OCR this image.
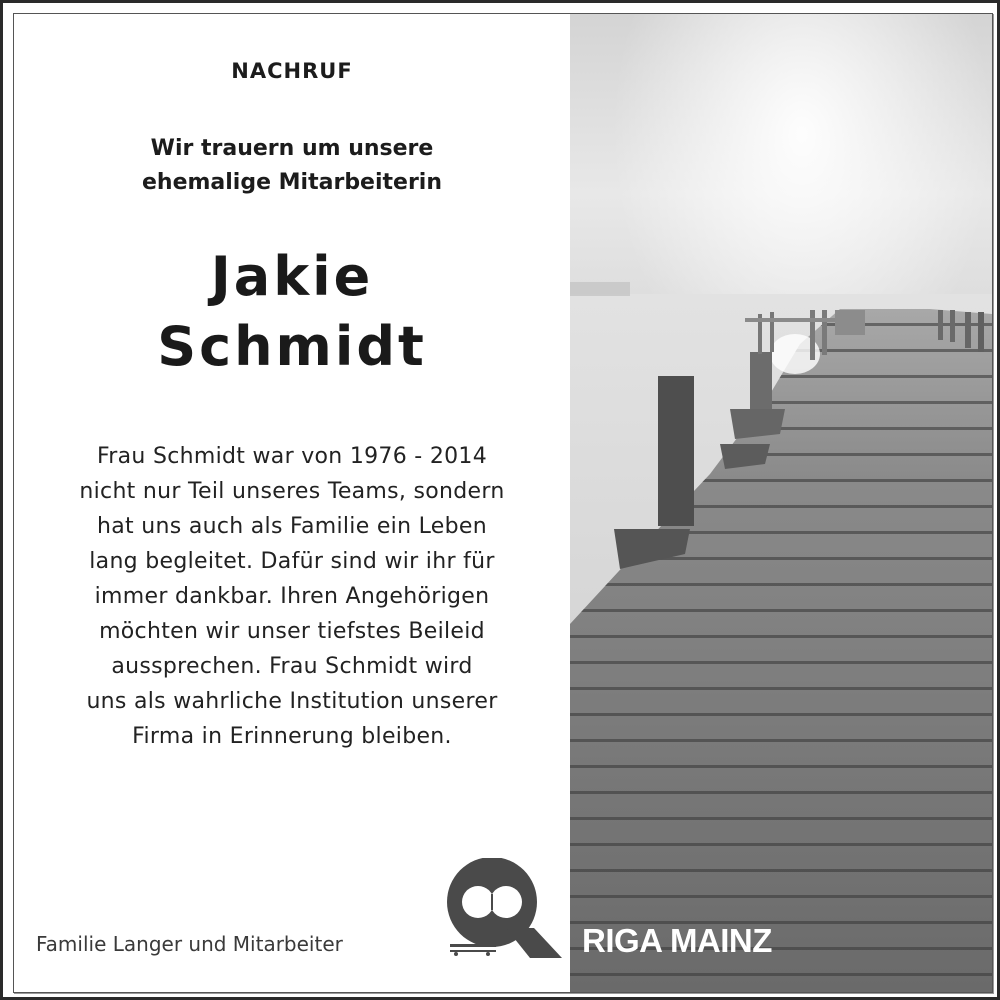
NACHRUF
Wir trauern um unsere
ehemalige Mitarbeiterin
Jakie
Schmidt
Frau Schmidt war von 1976 - 2014
nicht nur Teil unseres Teams, sondern
hat uns auch als Familie ein Leben
lang begleitet. Dafür sind wir ihr für
immer dankbar. Ihren Angehörigen
möchten wir unser tiefstes Beileid
aussprechen. Frau Schmidt wird
uns als wahrliche Institution unserer
Firma in Erinnerung bleiben.
Familie Langer und Mitarbeiter	RIGA MAINZ
